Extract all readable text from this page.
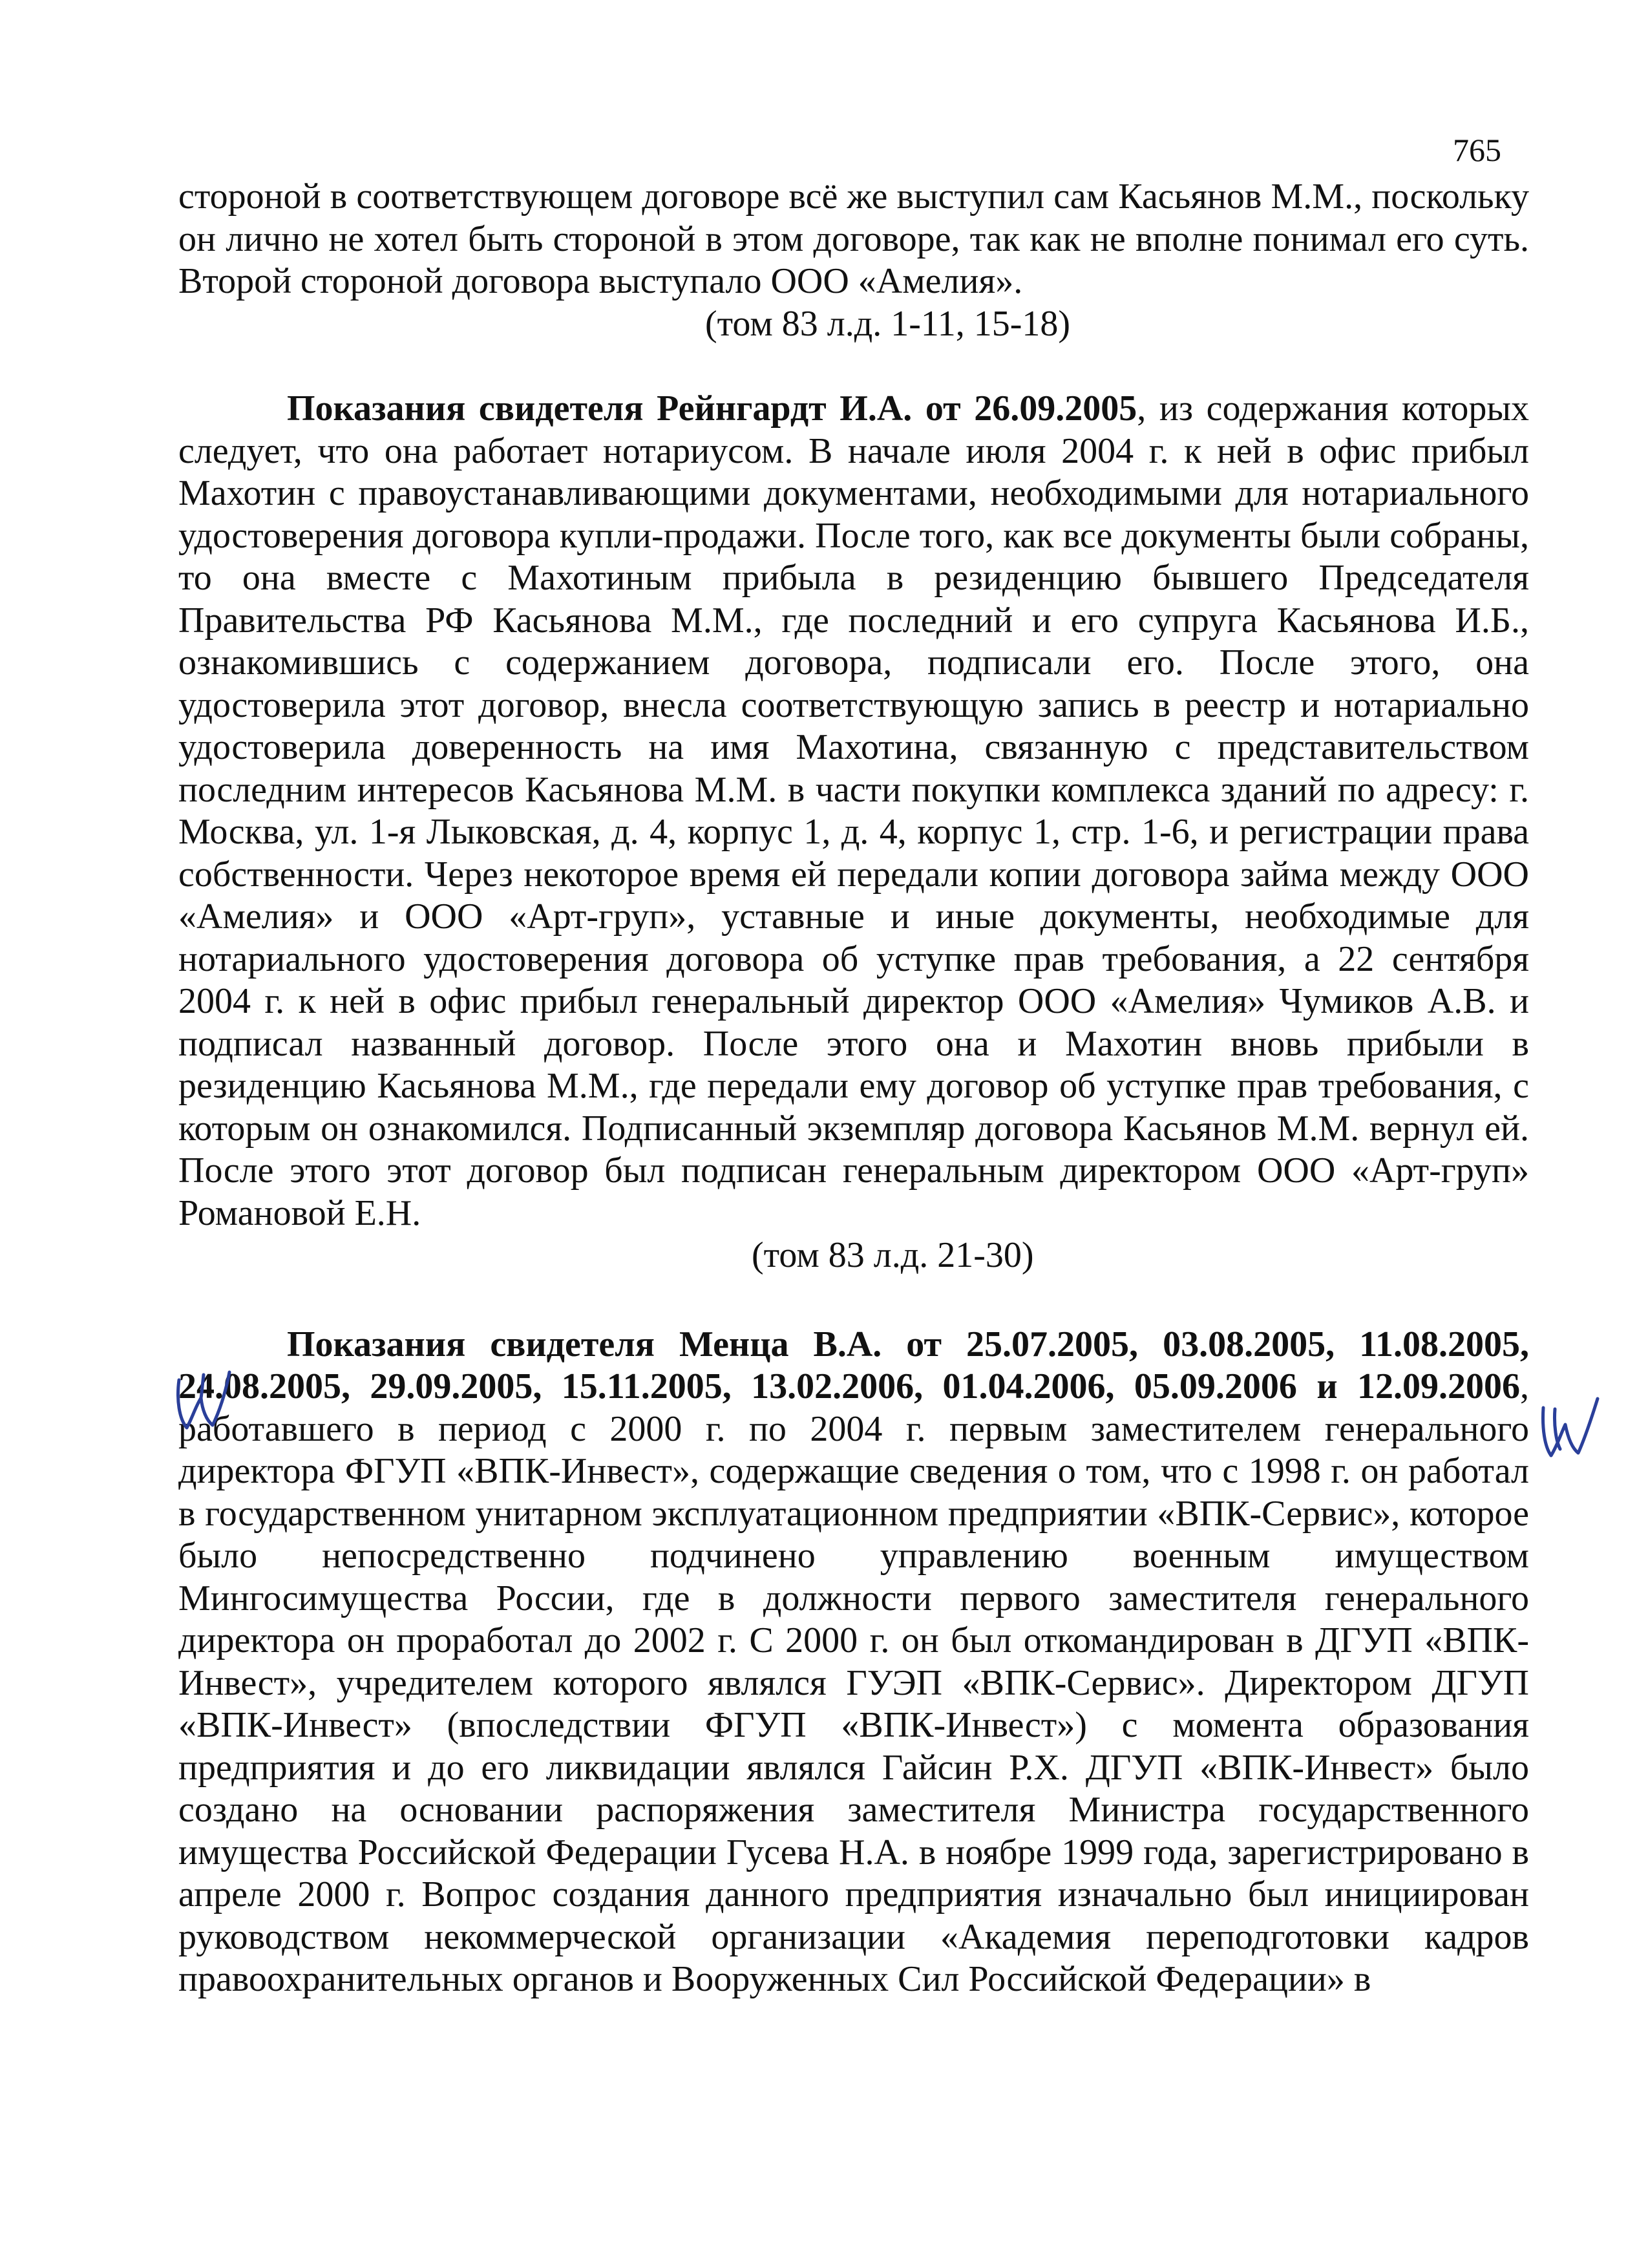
765

стороной в соответствующем договоре всё же выступил сам Касьянов М.М., поскольку он лично не хотел быть стороной в этом договоре, так как не вполне понимал его суть. Второй стороной договора выступало ООО «Амелия».

(том 83 л.д. 1-11, 15-18)

Показания свидетеля Рейнгардт И.А. от 26.09.2005, из содержания которых следует, что она работает нотариусом. В начале июля 2004 г. к ней в офис прибыл Махотин с правоустанавливающими документами, необходимыми для нотариального удостоверения договора купли-продажи. После того, как все документы были собраны, то она вместе с Махотиным прибыла в резиденцию бывшего Председателя Правительства РФ Касьянова М.М., где последний и его супруга Касьянова И.Б., ознакомившись с содержанием договора, подписали его. После этого, она удостоверила этот договор, внесла соответствующую запись в реестр и нотариально удостоверила доверенность на имя Махотина, связанную с представительством последним интересов Касьянова М.М. в части покупки комплекса зданий по адресу: г. Москва, ул. 1-я Лыковская, д. 4, корпус 1, д. 4, корпус 1, стр. 1-6, и регистрации права собственности. Через некоторое время ей передали копии договора займа между ООО «Амелия» и ООО «Арт-груп», уставные и иные документы, необходимые для нотариального удостоверения договора об уступке прав требования, а 22 сентября 2004 г. к ней в офис прибыл генеральный директор ООО «Амелия» Чумиков А.В. и подписал названный договор. После этого она и Махотин вновь прибыли в резиденцию Касьянова М.М., где передали ему договор об уступке прав требования, с которым он ознакомился. Подписанный экземпляр договора Касьянов М.М. вернул ей. После этого этот договор был подписан генеральным директором ООО «Арт-груп» Романовой Е.Н.

(том 83 л.д. 21-30)

Показания свидетеля Менца В.А. от 25.07.2005, 03.08.2005, 11.08.2005, 24.08.2005, 29.09.2005, 15.11.2005, 13.02.2006, 01.04.2006, 05.09.2006 и 12.09.2006, работавшего в период с 2000 г. по 2004 г. первым заместителем генерального директора ФГУП «ВПК-Инвест», содержащие сведения о том, что с 1998 г. он работал в государственном унитарном эксплуатационном предприятии «ВПК-Сервис», которое было непосредственно подчинено управлению военным имуществом Мингосимущества России, где в должности первого заместителя генерального директора он проработал до 2002 г. С 2000 г. он был откомандирован в ДГУП «ВПК-Инвест», учредителем которого являлся ГУЭП «ВПК-Сервис». Директором ДГУП «ВПК-Инвест» (впоследствии ФГУП «ВПК-Инвест») с момента образования предприятия и до его ликвидации являлся Гайсин Р.Х. ДГУП «ВПК-Инвест» было создано на основании распоряжения заместителя Министра государственного имущества Российской Федерации Гусева Н.А. в ноябре 1999 года, зарегистрировано в апреле 2000 г. Вопрос создания данного предприятия изначально был инициирован руководством некоммерческой организации «Академия переподготовки кадров правоохранительных органов и Вооруженных Сил Российской Федерации» в
